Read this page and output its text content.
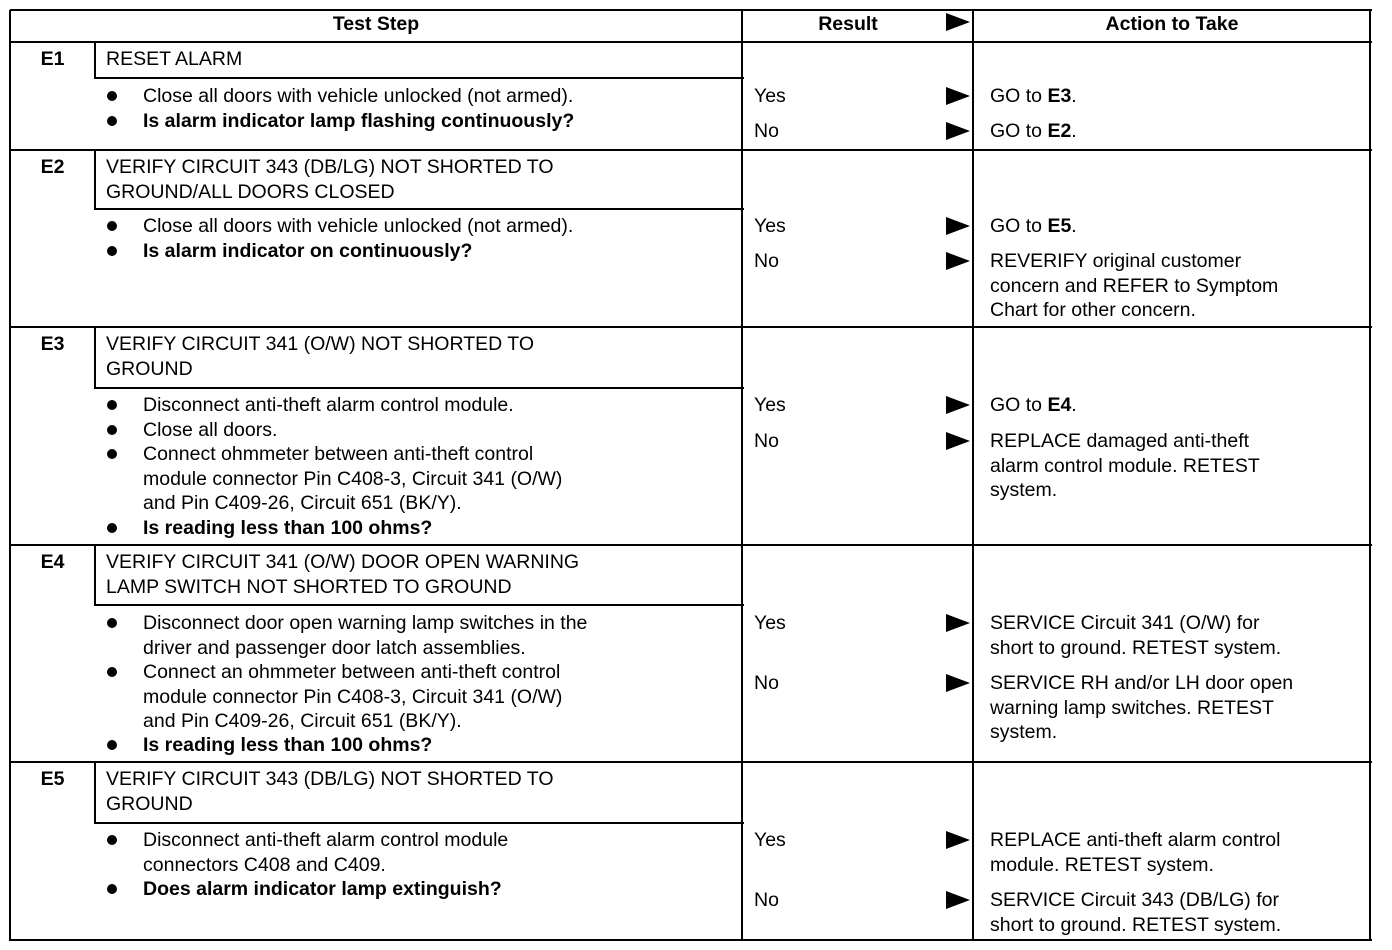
Test Step	Result	Action to Take
E1	RESET ALARM
Close all doors with vehicle unlocked (not armed).
Is alarm indicator lamp flashing continuously?
Yes	GO to E3.
No	GO to E2.
E2	VERIFY CIRCUIT 343 (DB/LG) NOT SHORTED TO
GROUND/ALL DOORS CLOSED
Close all doors with vehicle unlocked (not armed).
Is alarm indicator on continuously?
Yes	GO to E5.
No	REVERIFY original customer
concern and REFER to Symptom
Chart for other concern.
E3	VERIFY CIRCUIT 341 (O/W) NOT SHORTED TO
GROUND
Disconnect anti-theft alarm control module.
Close all doors.
Connect ohmmeter between anti-theft control
module connector Pin C408-3, Circuit 341 (O/W)
and Pin C409-26, Circuit 651 (BK/Y).
Is reading less than 100 ohms?
Yes	GO to E4.
No	REPLACE damaged anti-theft
alarm control module. RETEST
system.
E4	VERIFY CIRCUIT 341 (O/W) DOOR OPEN WARNING
LAMP SWITCH NOT SHORTED TO GROUND
Disconnect door open warning lamp switches in the
driver and passenger door latch assemblies.
Connect an ohmmeter between anti-theft control
module connector Pin C408-3, Circuit 341 (O/W)
and Pin C409-26, Circuit 651 (BK/Y).
Is reading less than 100 ohms?
Yes	SERVICE Circuit 341 (O/W) for
short to ground. RETEST system.
No	SERVICE RH and/or LH door open
warning lamp switches. RETEST
system.
E5	VERIFY CIRCUIT 343 (DB/LG) NOT SHORTED TO
GROUND
Disconnect anti-theft alarm control module
connectors C408 and C409.
Does alarm indicator lamp extinguish?
Yes	REPLACE anti-theft alarm control
module. RETEST system.
No	SERVICE Circuit 343 (DB/LG) for
short to ground. RETEST system.
